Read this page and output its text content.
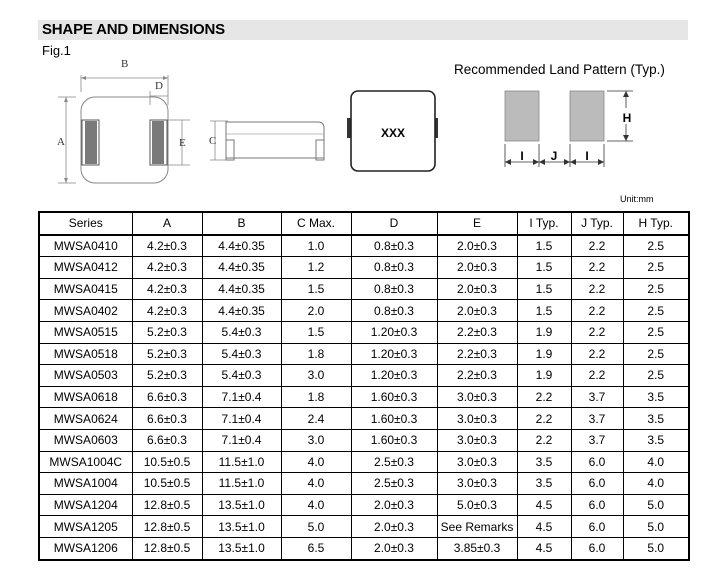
SHAPE AND DIMENSIONS
Fig.1
Recommended Land Pattern (Typ.)
B
D
A	E C
XXX
H
I J I
Unit:mm
Series	A	B	C Max.	D	E	I Typ.	J Typ.	H Typ.
MWSA0410	4.2±0.3	4.4±0.35	1.0	0.8±0.3	2.0±0.3	1.5	2.2	2.5
MWSA0412	4.2±0.3	4.4±0.35	1.2	0.8±0.3	2.0±0.3	1.5	2.2	2.5
MWSA0415	4.2±0.3	4.4±0.35	1.5	0.8±0.3	2.0±0.3	1.5	2.2	2.5
MWSA0402	4.2±0.3	4.4±0.35	2.0	0.8±0.3	2.0±0.3	1.5	2.2	2.5
MWSA0515	5.2±0.3	5.4±0.3	1.5	1.20±0.3	2.2±0.3	1.9	2.2	2.5
MWSA0518	5.2±0.3	5.4±0.3	1.8	1.20±0.3	2.2±0.3	1.9	2.2	2.5
MWSA0503	5.2±0.3	5.4±0.3	3.0	1.20±0.3	2.2±0.3	1.9	2.2	2.5
MWSA0618	6.6±0.3	7.1±0.4	1.8	1.60±0.3	3.0±0.3	2.2	3.7	3.5
MWSA0624	6.6±0.3	7.1±0.4	2.4	1.60±0.3	3.0±0.3	2.2	3.7	3.5
MWSA0603	6.6±0.3	7.1±0.4	3.0	1.60±0.3	3.0±0.3	2.2	3.7	3.5
MWSA1004C	10.5±0.5	11.5±1.0	4.0	2.5±0.3	3.0±0.3	3.5	6.0	4.0
MWSA1004	10.5±0.5	11.5±1.0	4.0	2.5±0.3	3.0±0.3	3.5	6.0	4.0
MWSA1204	12.8±0.5	13.5±1.0	4.0	2.0±0.3	5.0±0.3	4.5	6.0	5.0
MWSA1205	12.8±0.5	13.5±1.0	5.0	2.0±0.3	See Remarks	4.5	6.0	5.0
MWSA1206	12.8±0.5	13.5±1.0	6.5	2.0±0.3	3.85±0.3	4.5	6.0	5.0
